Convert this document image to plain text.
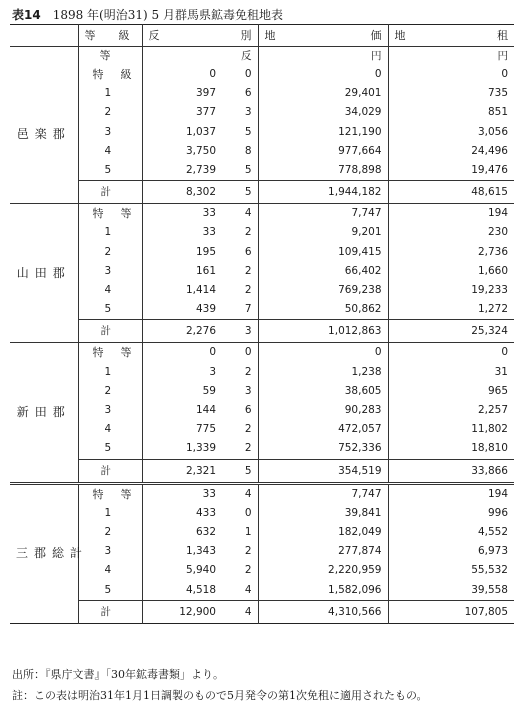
表14 1898 年(明治31) 5 月群馬県鉱毒免租地表
	等　級	反 別		地 価	地 租

	等		反	円	円
邑楽郡	特　級	0	0	0	0
	1	397	6	29,401	735
	2	377	3	34,029	851
	3	1,037	5	121,190	3,056
	4	3,750	8	977,664	24,496
	5	2,739	5	778,898	19,476
	計	8,302	5	1,944,182	48,615
山田郡	特　等	33	4	7,747	194
	1	33	2	9,201	230
	2	195	6	109,415	2,736
	3	161	2	66,402	1,660
	4	1,414	2	769,238	19,233
	5	439	7	50,862	1,272
	計	2,276	3	1,012,863	25,324
新田郡	特　等	0	0	0	0
	1	3	2	1,238	31
	2	59	3	38,605	965
	3	144	6	90,283	2,257
	4	775	2	472,057	11,802
	5	1,339	2	752,336	18,810
	計	2,321	5	354,519	33,866
三郡総計	特　等	33	4	7,747	194
	1	433	0	39,841	996
	2	632	1	182,049	4,552
	3	1,343	2	277,874	6,973
	4	5,940	2	2,220,959	55,532
	5	4,518	4	1,582,096	39,558
	計	12,900	4	4,310,566	107,805
出所：『県庁文書』「30年鉱毒書類」より。
註：この表は明治31年1月1日調製のもので5月発令の第1次免租に適用されたもの。
